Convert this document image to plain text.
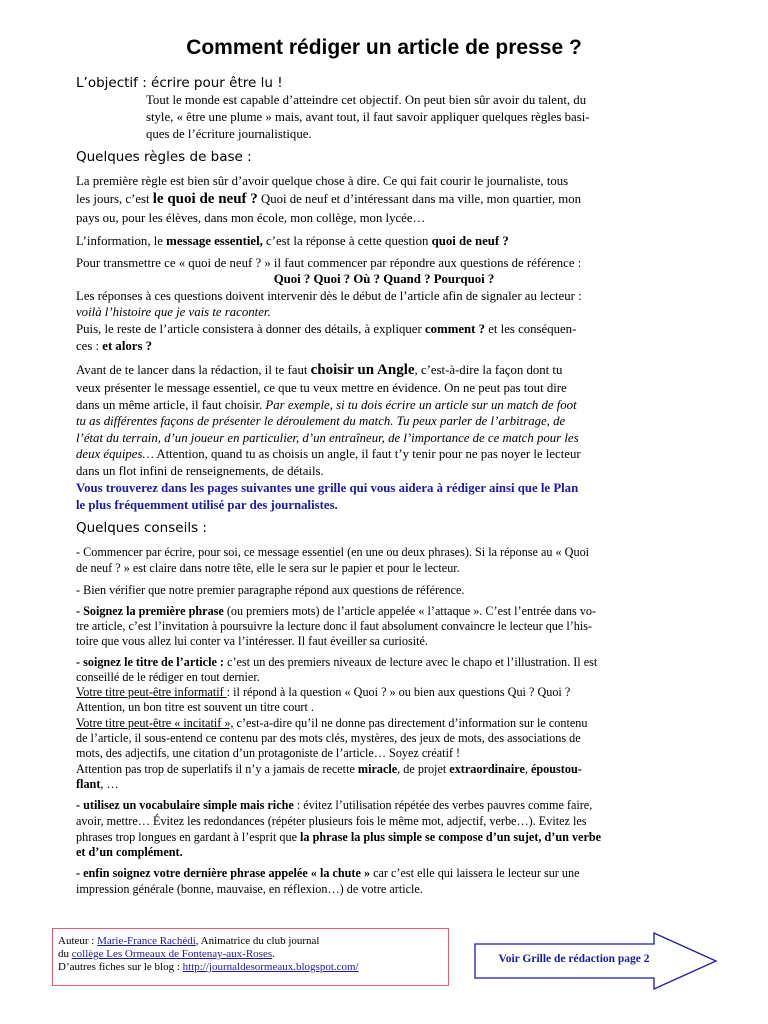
Comment rédiger un article de presse ?
L’objectif : écrire pour être lu !
Tout le monde est capable d’atteindre cet objectif. On peut bien sûr avoir du talent, du
style, « être une plume » mais, avant tout, il faut savoir appliquer quelques règles basi-
ques de l’écriture journalistique.
Quelques règles de base :
La première règle est bien sûr d’avoir quelque chose à dire. Ce qui fait courir le journaliste, tous
les jours, c’est le quoi de neuf ? Quoi de neuf et d’intéressant dans ma ville, mon quartier, mon
pays ou, pour les élèves, dans mon école, mon collège, mon lycée…
L’information, le message essentiel, c’est la réponse à cette question quoi de neuf ?
Pour transmettre ce « quoi de neuf ? » il faut commencer par répondre aux questions de référence :
Quoi ? Quoi ? Où ? Quand ? Pourquoi ?
Les réponses à ces questions doivent intervenir dès le début de l’article afin de signaler au lecteur :
voilà l’histoire que je vais te raconter.
Puis, le reste de l’article consistera à donner des détails, à expliquer comment ? et les conséquen-
ces : et alors ?
Avant de te lancer dans la rédaction, il te faut choisir un Angle, c’est-à-dire la façon dont tu
veux présenter le message essentiel, ce que tu veux mettre en évidence. On ne peut pas tout dire
dans un même article, il faut choisir. Par exemple, si tu dois écrire un article sur un match de foot
tu as différentes façons de présenter le déroulement du match. Tu peux parler de l’arbitrage, de
l’état du terrain, d’un joueur en particulier, d’un entraîneur, de l’importance de ce match pour les
deux équipes… Attention, quand tu as choisis un angle, il faut t’y tenir pour ne pas noyer le lecteur
dans un flot infini de renseignements, de détails.
Vous trouverez dans les pages suivantes une grille qui vous aidera à rédiger ainsi que le Plan
le plus fréquemment utilisé par des journalistes.
Quelques conseils :
- Commencer par écrire, pour soi, ce message essentiel (en une ou deux phrases). Si la réponse au « Quoi
de neuf ? » est claire dans notre tête, elle le sera sur le papier et pour le lecteur.
- Bien vérifier que notre premier paragraphe répond aux questions de référence.
- Soignez la première phrase (ou premiers mots) de l’article appelée « l’attaque ». C’est l’entrée dans vo-
tre article, c’est l’invitation à poursuivre la lecture donc il faut absolument convaincre le lecteur que l’his-
toire que vous allez lui conter va l’intéresser. Il faut éveiller sa curiosité.
- soignez le titre de l’article : c’est un des premiers niveaux de lecture avec le chapo et l’illustration. Il est
conseillé de le rédiger en tout dernier.
Votre titre peut-être informatif : il répond à la question « Quoi ? » ou bien aux questions Qui ? Quoi ?
Attention, un bon titre est souvent un titre court .
Votre titre peut-être « incitatif », c’est-a-dire qu’il ne donne pas directement d’information sur le contenu
de l’article, il sous-entend ce contenu par des mots clés, mystères, des jeux de mots, des associations de
mots, des adjectifs, une citation d’un protagoniste de l’article… Soyez créatif !
Attention pas trop de superlatifs il n’y a jamais de recette miracle, de projet extraordinaire, époustou-
flant, …
- utilisez un vocabulaire simple mais riche : évitez l’utilisation répétée des verbes pauvres comme faire,
avoir, mettre… Évitez les redondances (répéter plusieurs fois le même mot, adjectif, verbe…). Evitez les
phrases trop longues en gardant à l’esprit que la phrase la plus simple se compose d’un sujet, d’un verbe
et d’un complément.
- enfin soignez votre dernière phrase appelée « la chute » car c’est elle qui laissera le lecteur sur une
impression générale (bonne, mauvaise, en réflexion…) de votre article.
Auteur : Marie-France Rachédi, Animatrice du club journal
du collège Les Ormeaux de Fontenay-aux-Roses.
D’autres fiches sur le blog : http://journaldesormeaux.blogspot.com/
Voir Grille de rédaction page 2
